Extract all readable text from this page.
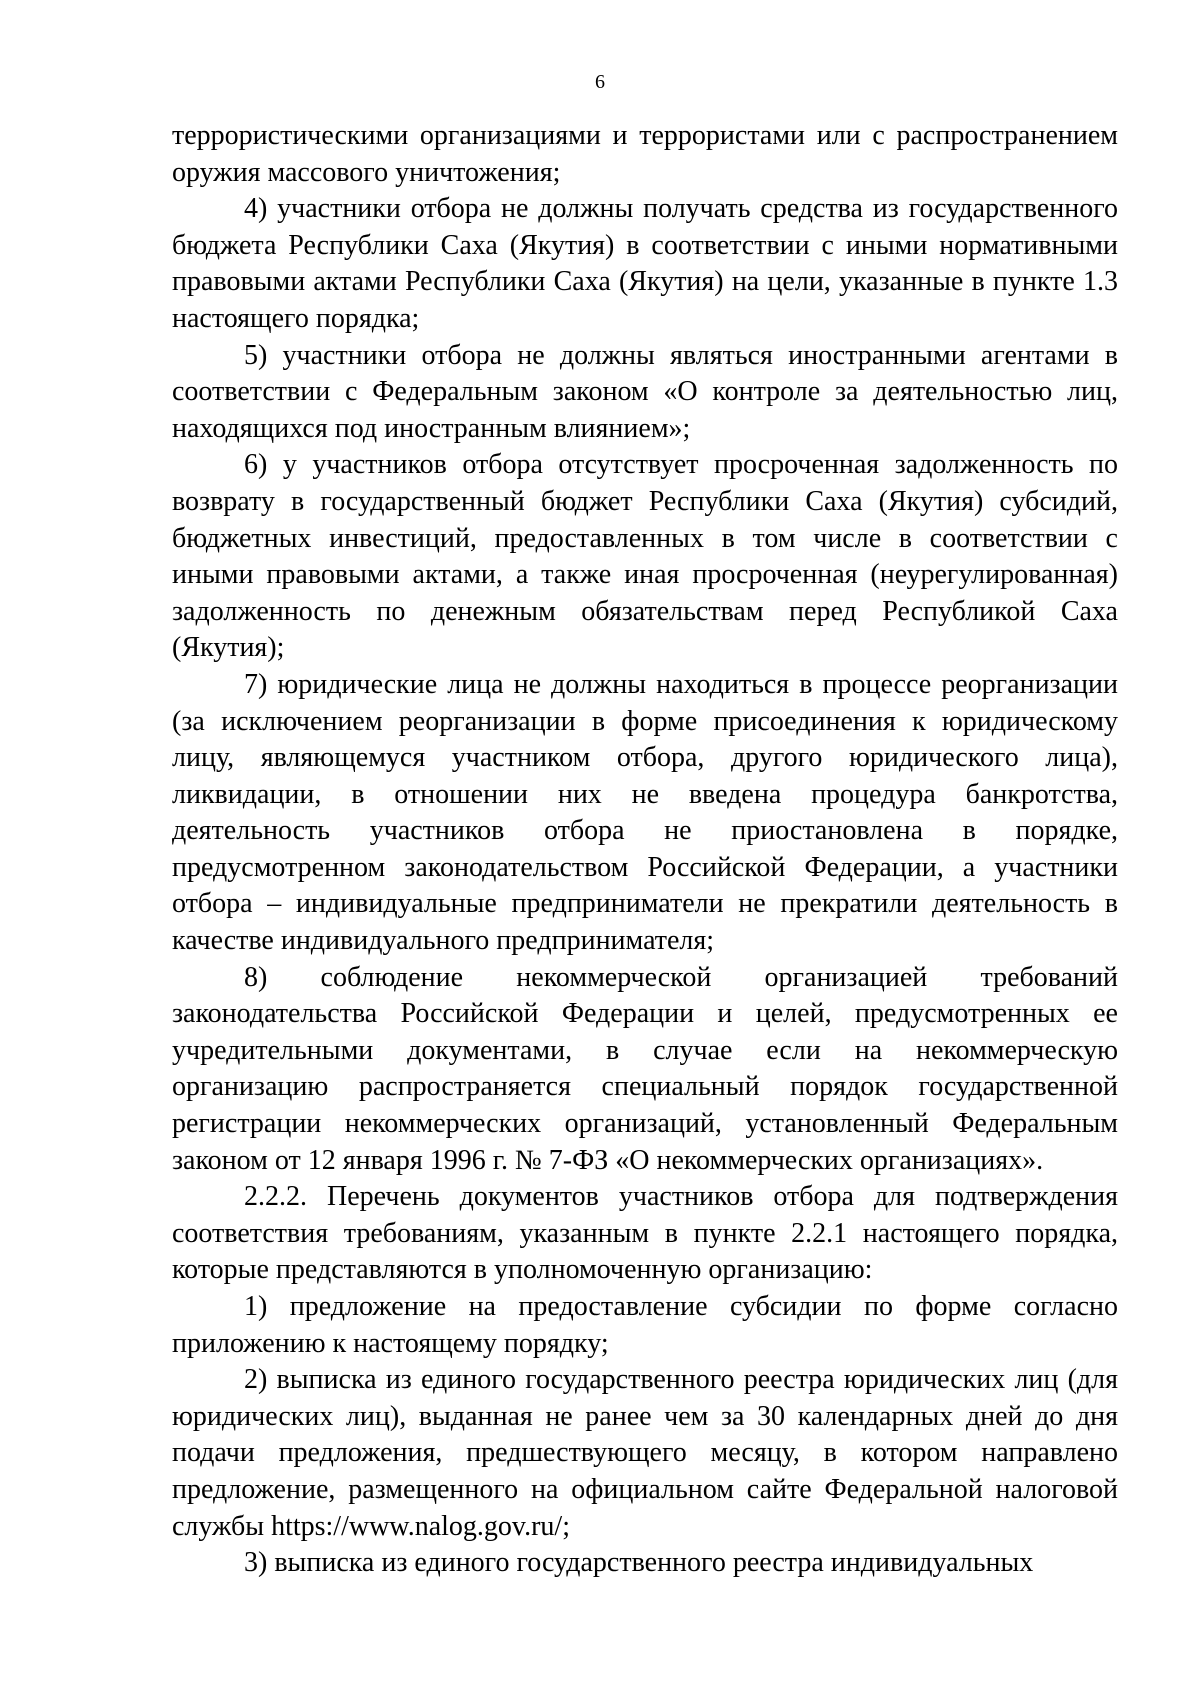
6

террористическими организациями и террористами или с распространением оружия массового уничтожения;

4) участники отбора не должны получать средства из государственного бюджета Республики Саха (Якутия) в соответствии с иными нормативными правовыми актами Республики Саха (Якутия) на цели, указанные в пункте 1.3 настоящего порядка;

5) участники отбора не должны являться иностранными агентами в соответствии с Федеральным законом «О контроле за деятельностью лиц, находящихся под иностранным влиянием»;

6) у участников отбора отсутствует просроченная задолженность по возврату в государственный бюджет Республики Саха (Якутия) субсидий, бюджетных инвестиций, предоставленных в том числе в соответствии с иными правовыми актами, а также иная просроченная (неурегулированная) задолженность по денежным обязательствам перед Республикой Саха (Якутия);

7) юридические лица не должны находиться в процессе реорганизации (за исключением реорганизации в форме присоединения к юридическому лицу, являющемуся участником отбора, другого юридического лица), ликвидации, в отношении них не введена процедура банкротства, деятельность участников отбора не приостановлена в порядке, предусмотренном законодательством Российской Федерации, а участники отбора – индивидуальные предприниматели не прекратили деятельность в качестве индивидуального предпринимателя;

8) соблюдение некоммерческой организацией требований законодательства Российской Федерации и целей, предусмотренных ее учредительными документами, в случае если на некоммерческую организацию распространяется специальный порядок государственной регистрации некоммерческих организаций, установленный Федеральным законом от 12 января 1996 г. № 7-ФЗ «О некоммерческих организациях».

2.2.2. Перечень документов участников отбора для подтверждения соответствия требованиям, указанным в пункте 2.2.1 настоящего порядка, которые представляются в уполномоченную организацию:

1) предложение на предоставление субсидии по форме согласно приложению к настоящему порядку;

2) выписка из единого государственного реестра юридических лиц (для юридических лиц), выданная не ранее чем за 30 календарных дней до дня подачи предложения, предшествующего месяцу, в котором направлено предложение, размещенного на официальном сайте Федеральной налоговой службы https://www.nalog.gov.ru/;

3) выписка из единого государственного реестра индивидуальных
